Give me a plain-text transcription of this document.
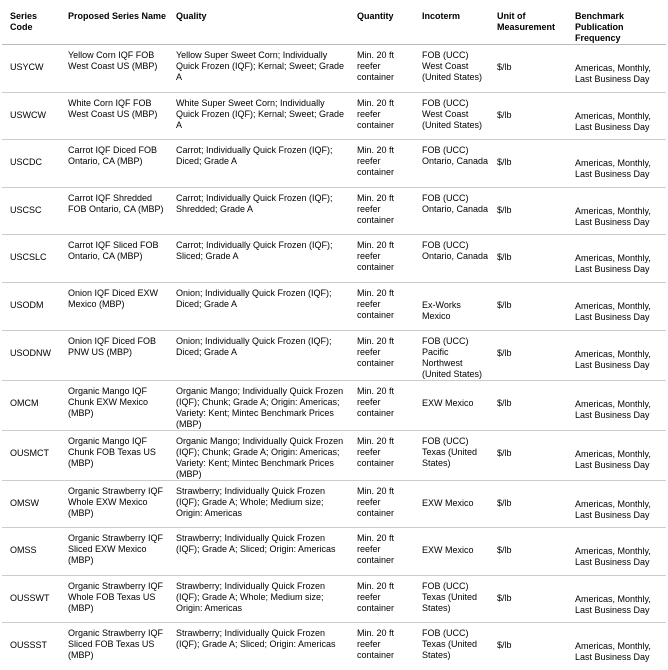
Series Code	Proposed Series Name	Quality	Quantity	Incoterm	Unit of Measurement	Benchmark Publication Frequency
USYCW	Yellow Corn IQF FOB West Coast US (MBP)	Yellow Super Sweet Corn; Individually Quick Frozen (IQF); Kernal; Sweet; Grade A	Min. 20 ft reefer container	FOB (UCC) West Coast (United States)	$/lb	Americas, Monthly, Last Business Day
USWCW	White Corn IQF FOB West Coast US (MBP)	White Super Sweet Corn; Individually Quick Frozen (IQF); Kernal; Sweet; Grade A	Min. 20 ft reefer container	FOB (UCC) West Coast (United States)	$/lb	Americas, Monthly, Last Business Day
USCDC	Carrot IQF Diced FOB Ontario, CA (MBP)	Carrot; Individually Quick Frozen (IQF); Diced; Grade A	Min. 20 ft reefer container	FOB (UCC) Ontario, Canada	$/lb	Americas, Monthly, Last Business Day
USCSC	Carrot IQF Shredded FOB Ontario, CA (MBP)	Carrot; Individually Quick Frozen (IQF); Shredded; Grade A	Min. 20 ft reefer container	FOB (UCC) Ontario, Canada	$/lb	Americas, Monthly, Last Business Day
USCSLC	Carrot IQF Sliced FOB Ontario, CA (MBP)	Carrot; Individually Quick Frozen (IQF); Sliced; Grade A	Min. 20 ft reefer container	FOB (UCC) Ontario, Canada	$/lb	Americas, Monthly, Last Business Day
USODM	Onion IQF Diced EXW Mexico (MBP)	Onion; Individually Quick Frozen (IQF); Diced; Grade A	Min. 20 ft reefer container	Ex-Works Mexico	$/lb	Americas, Monthly, Last Business Day
USODNW	Onion IQF Diced FOB PNW US (MBP)	Onion; Individually Quick Frozen (IQF); Diced; Grade A	Min. 20 ft reefer container	FOB (UCC) Pacific Northwest (United States)	$/lb	Americas, Monthly, Last Business Day
OMCM	Organic Mango IQF Chunk EXW Mexico (MBP)	Organic Mango; Individually Quick Frozen (IQF); Chunk; Grade A; Origin: Americas; Variety: Kent; Mintec Benchmark Prices (MBP)	Min. 20 ft reefer container	EXW Mexico	$/lb	Americas, Monthly, Last Business Day
OUSMCT	Organic Mango IQF Chunk FOB Texas US (MBP)	Organic Mango; Individually Quick Frozen (IQF); Chunk; Grade A; Origin: Americas; Variety: Kent; Mintec Benchmark Prices (MBP)	Min. 20 ft reefer container	FOB (UCC) Texas (United States)	$/lb	Americas, Monthly, Last Business Day
OMSW	Organic Strawberry IQF Whole EXW Mexico (MBP)	Strawberry; Individually Quick Frozen (IQF); Grade A; Whole; Medium size; Origin: Americas	Min. 20 ft reefer container	EXW Mexico	$/lb	Americas, Monthly, Last Business Day
OMSS	Organic Strawberry IQF Sliced EXW Mexico (MBP)	Strawberry; Individually Quick Frozen (IQF); Grade A; Sliced; Origin: Americas	Min. 20 ft reefer container	EXW Mexico	$/lb	Americas, Monthly, Last Business Day
OUSSWT	Organic Strawberry IQF Whole FOB Texas US (MBP)	Strawberry; Individually Quick Frozen (IQF); Grade A; Whole; Medium size; Origin: Americas	Min. 20 ft reefer container	FOB (UCC) Texas (United States)	$/lb	Americas, Monthly, Last Business Day
OUSSST	Organic Strawberry IQF Sliced FOB Texas US (MBP)	Strawberry; Individually Quick Frozen (IQF); Grade A; Sliced; Origin: Americas	Min. 20 ft reefer container	FOB (UCC) Texas (United States)	$/lb	Americas, Monthly, Last Business Day
